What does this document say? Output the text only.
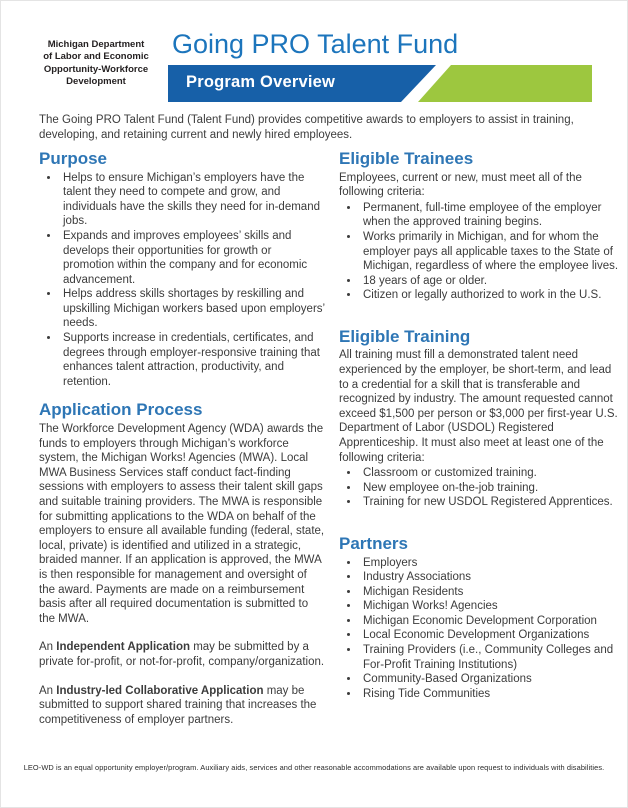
Michigan Department
of Labor and Economic
Opportunity-Workforce
Development
Going PRO Talent Fund
Program Overview
The Going PRO Talent Fund (Talent Fund) provides competitive awards to employers to assist in training, developing, and retaining current and newly hired employees.
Purpose
• Helps to ensure Michigan’s employers have the talent they need to compete and grow, and individuals have the skills they need for in-demand jobs.
• Expands and improves employees’ skills and develops their opportunities for growth or promotion within the company and for economic advancement.
• Helps address skills shortages by reskilling and upskilling Michigan workers based upon employers’ needs.
• Supports increase in credentials, certificates, and degrees through employer-responsive training that enhances talent attraction, productivity, and retention.
Application Process

The Workforce Development Agency (WDA) awards the funds to employers through Michigan’s workforce system, the Michigan Works! Agencies (MWA). Local MWA Business Services staff conduct fact-finding sessions with employers to assess their talent skill gaps and suitable training providers. The MWA is responsible for submitting applications to the WDA on behalf of the employers to ensure all available funding (federal, state, local, private) is identified and utilized in a strategic, braided manner. If an application is approved, the MWA is then responsible for management and oversight of the award. Payments are made on a reimbursement basis after all required documentation is submitted to the MWA.

An Independent Application may be submitted by a private for-profit, or not-for-profit, company/organization.

An Industry-led Collaborative Application may be submitted to support shared training that increases the competitiveness of employer partners.

Eligible Trainees
Employees, current or new, must meet all of the following criteria:
• Permanent, full-time employee of the employer when the approved training begins.
• Works primarily in Michigan, and for whom the employer pays all applicable taxes to the State of Michigan, regardless of where the employee lives.
• 18 years of age or older.
• Citizen or legally authorized to work in the U.S.
Eligible Training
All training must fill a demonstrated talent need experienced by the employer, be short-term, and lead to a credential for a skill that is transferable and recognized by industry. The amount requested cannot exceed $1,500 per person or $3,000 per first-year U.S. Department of Labor (USDOL) Registered Apprenticeship. It must also meet at least one of the following criteria:
• Classroom or customized training.
• New employee on-the-job training.
• Training for new USDOL Registered Apprentices.
Partners
• Employers
• Industry Associations
• Michigan Residents
• Michigan Works! Agencies
• Michigan Economic Development Corporation
• Local Economic Development Organizations
• Training Providers (i.e., Community Colleges and For-Profit Training Institutions)
• Community-Based Organizations
• Rising Tide Communities
LEO-WD is an equal opportunity employer/program. Auxiliary aids, services and other reasonable accommodations are available upon request to individuals with disabilities.
